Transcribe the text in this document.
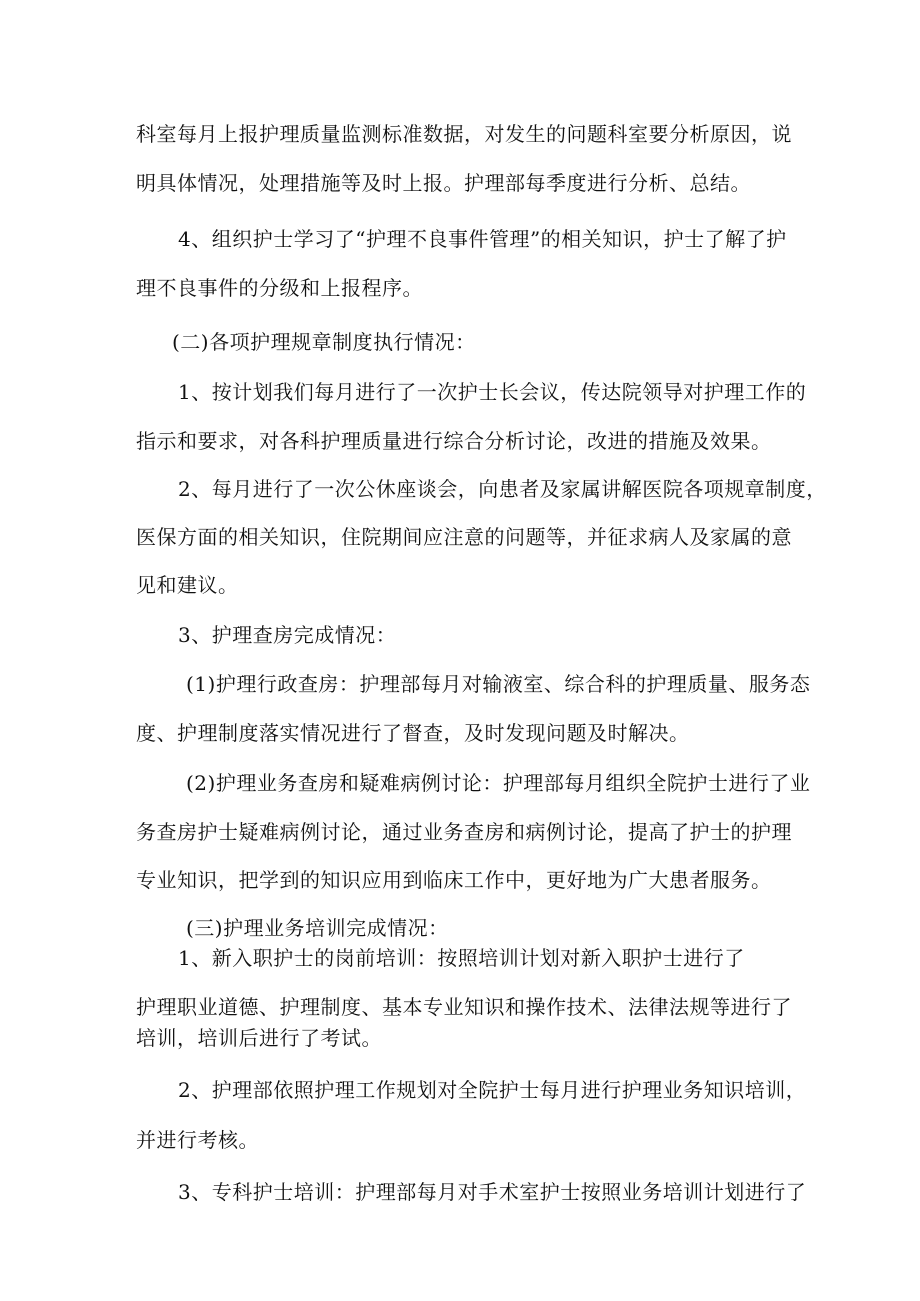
科室每月上报护理质量监测标准数据，对发生的问题科室要分析原因，说
明具体情况，处理措施等及时上报。护理部每季度进行分析、总结。
4、组织护士学习了“护理不良事件管理”的相关知识，护士了解了护
理不良事件的分级和上报程序。
(二)各项护理规章制度执行情况：
1、按计划我们每月进行了一次护士长会议，传达院领导对护理工作的
指示和要求，对各科护理质量进行综合分析讨论，改进的措施及效果。
2、每月进行了一次公休座谈会，向患者及家属讲解医院各项规章制度，
医保方面的相关知识，住院期间应注意的问题等，并征求病人及家属的意
见和建议。
3、护理查房完成情况：
(1)护理行政查房：护理部每月对输液室、综合科的护理质量、服务态
度、护理制度落实情况进行了督查，及时发现问题及时解决。
(2)护理业务查房和疑难病例讨论：护理部每月组织全院护士进行了业
务查房护士疑难病例讨论，通过业务查房和病例讨论，提高了护士的护理
专业知识，把学到的知识应用到临床工作中，更好地为广大患者服务。
(三)护理业务培训完成情况：
1、新入职护士的岗前培训：按照培训计划对新入职护士进行了
护理职业道德、护理制度、基本专业知识和操作技术、法律法规等进行了
培训，培训后进行了考试。
2、护理部依照护理工作规划对全院护士每月进行护理业务知识培训，
并进行考核。
3、专科护士培训：护理部每月对手术室护士按照业务培训计划进行了
